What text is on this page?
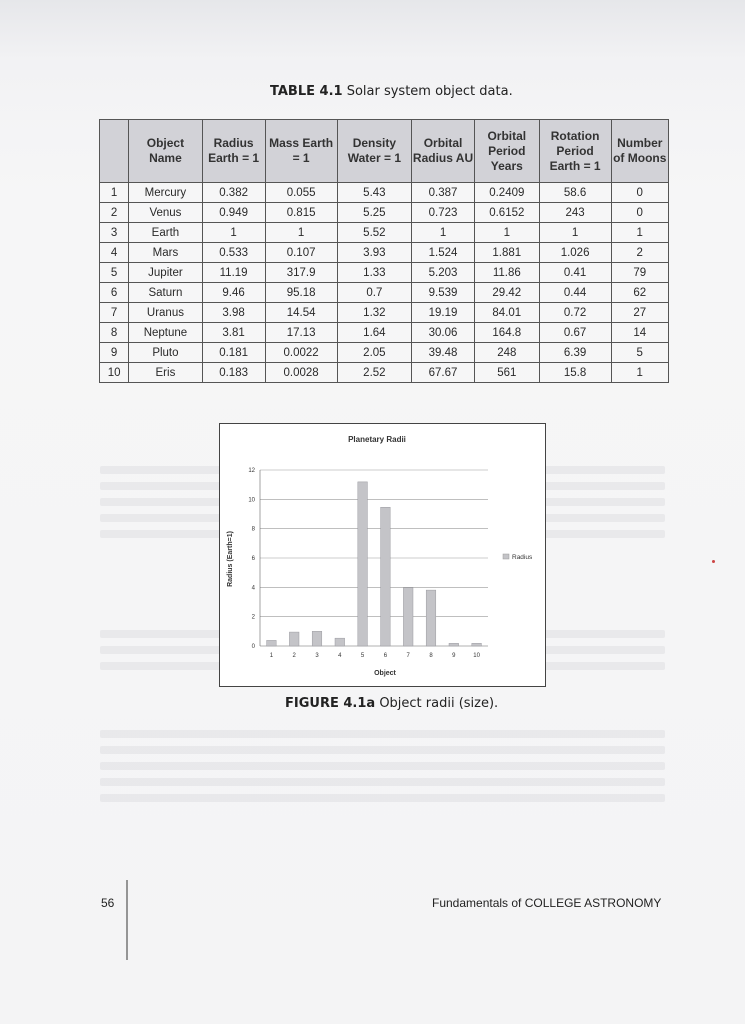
TABLE 4.1 Solar system object data.
	Object Name	Radius Earth = 1	Mass Earth = 1	Density Water = 1	Orbital Radius AU	Orbital Period Years	Rotation Period Earth = 1	Number of Moons
1	Mercury	0.382	0.055	5.43	0.387	0.2409	58.6	0
2	Venus	0.949	0.815	5.25	0.723	0.6152	243	0
3	Earth	1	1	5.52	1	1	1	1
4	Mars	0.533	0.107	3.93	1.524	1.881	1.026	2
5	Jupiter	11.19	317.9	1.33	5.203	11.86	0.41	79
6	Saturn	9.46	95.18	0.7	9.539	29.42	0.44	62
7	Uranus	3.98	14.54	1.32	19.19	84.01	0.72	27
8	Neptune	3.81	17.13	1.64	30.06	164.8	0.67	14
9	Pluto	0.181	0.0022	2.05	39.48	248	6.39	5
10	Eris	0.183	0.0028	2.52	67.67	561	15.8	1
Planetary Radii
Radius (Earth=1)
Object
0
2
4
6
8
10
12
1	2	3	4	5	6	7	8	9	10
Radius
FIGURE 4.1a Object radii (size).
56	Fundamentals of COLLEGE ASTRONOMY
